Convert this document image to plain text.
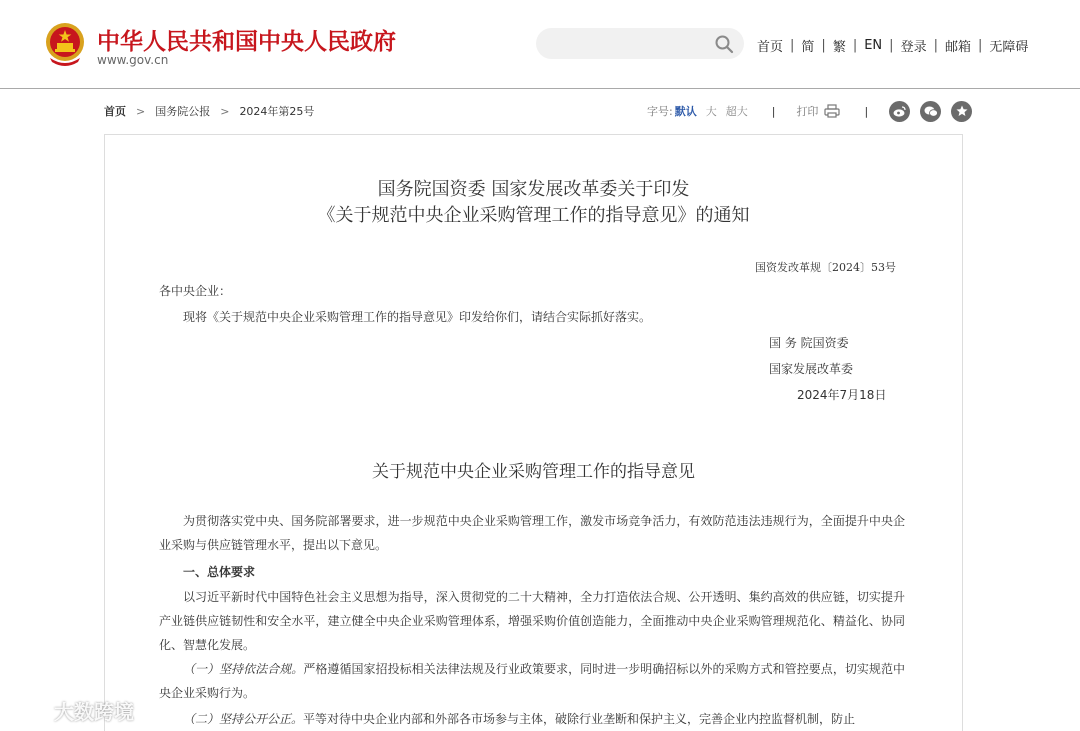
中华人民共和国中央人民政府
www.gov.cn
首页 | 简 | 繁 | EN | 登录 | 邮箱 | 无障碍
首页 > 国务院公报 > 2024年第25号	字号: 默认 大 超大 | 打印	|
国务院国资委 国家发展改革委关于印发
《关于规范中央企业采购管理工作的指导意见》的通知
国资发改革规〔2024〕53号
各中央企业：
现将《关于规范中央企业采购管理工作的指导意见》印发给你们，请结合实际抓好落实。
国 务 院国资委
国家发展改革委
2024年7月18日
关于规范中央企业采购管理工作的指导意见
为贯彻落实党中央、国务院部署要求，进一步规范中央企业采购管理工作，激发市场竞争活力，有效防范违法违规行为，全面提升中央企业采购与供应链管理水平，提出以下意见。
一、总体要求
以习近平新时代中国特色社会主义思想为指导，深入贯彻党的二十大精神，全力打造依法合规、公开透明、集约高效的供应链，切实提升产业链供应链韧性和安全水平，建立健全中央企业采购管理体系，增强采购价值创造能力，全面推动中央企业采购管理规范化、精益化、协同化、智慧化发展。
（一）坚持依法合规。严格遵循国家招投标相关法律法规及行业政策要求，同时进一步明确招标以外的采购方式和管控要点，切实规范中央企业采购行为。
（二）坚持公开公正。平等对待中央企业内部和外部各市场参与主体，破除行业垄断和保护主义，完善企业内控监督机制，防止
大数跨境
